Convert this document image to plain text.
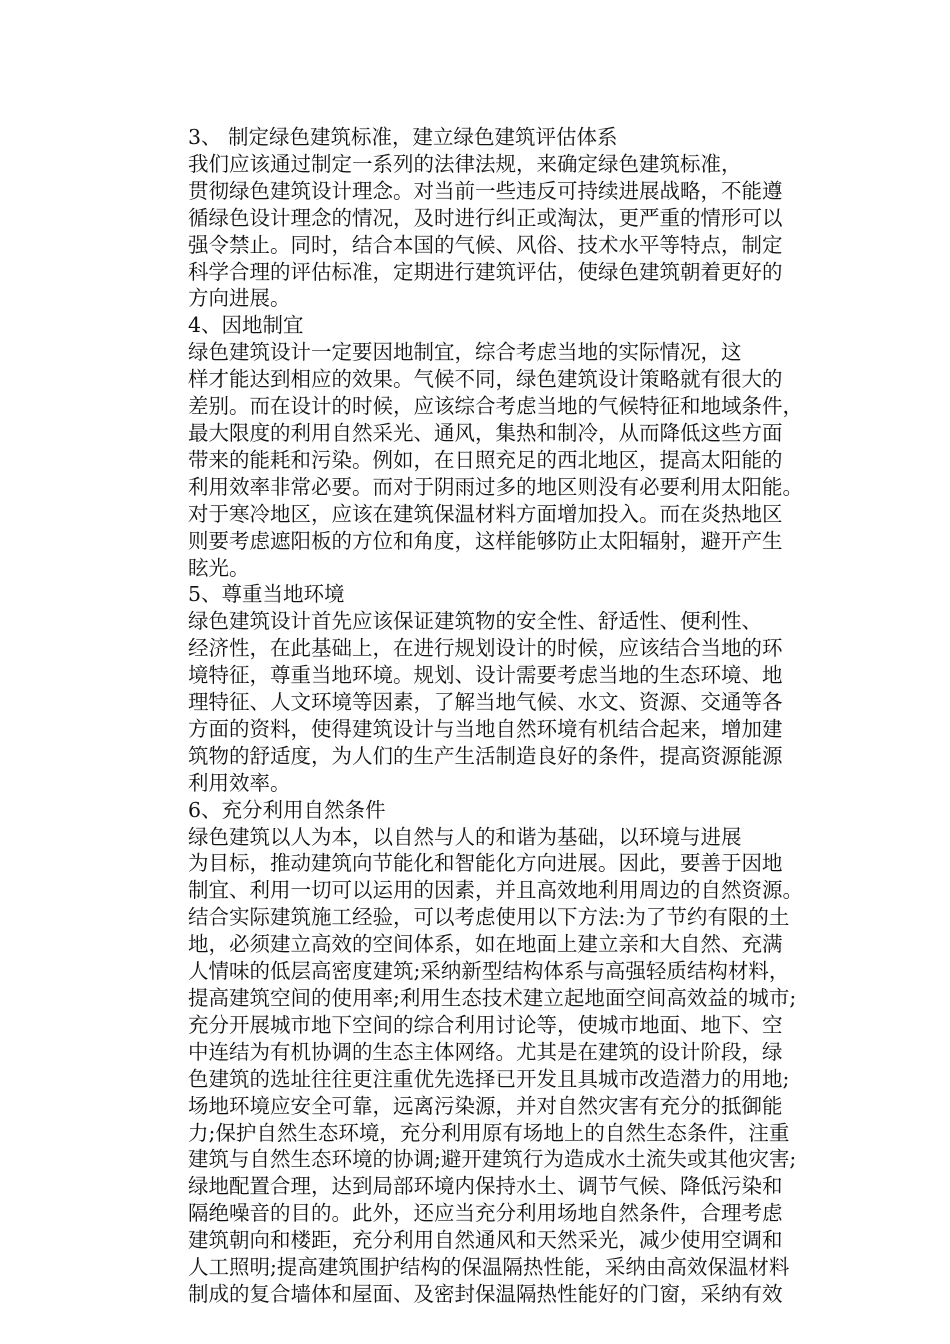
3、 制定绿色建筑标准，建立绿色建筑评估体系

我们应该通过制定一系列的法律法规，来确定绿色建筑标准，
贯彻绿色建筑设计理念。对当前一些违反可持续进展战略，不能遵
循绿色设计理念的情况，及时进行纠正或淘汰，更严重的情形可以
强令禁止。同时，结合本国的气候、风俗、技术水平等特点，制定
科学合理的评估标准，定期进行建筑评估，使绿色建筑朝着更好的
方向进展。

4、因地制宜

绿色建筑设计一定要因地制宜，综合考虑当地的实际情况，这
样才能达到相应的效果。气候不同，绿色建筑设计策略就有很大的
差别。而在设计的时候，应该综合考虑当地的气候特征和地域条件，
最大限度的利用自然采光、通风，集热和制冷，从而降低这些方面
带来的能耗和污染。例如，在日照充足的西北地区，提高太阳能的
利用效率非常必要。而对于阴雨过多的地区则没有必要利用太阳能。
对于寒冷地区，应该在建筑保温材料方面增加投入。而在炎热地区
则要考虑遮阳板的方位和角度，这样能够防止太阳辐射，避开产生
眩光。

5、尊重当地环境

绿色建筑设计首先应该保证建筑物的安全性、舒适性、便利性、
经济性，在此基础上，在进行规划设计的时候，应该结合当地的环
境特征，尊重当地环境。规划、设计需要考虑当地的生态环境、地
理特征、人文环境等因素，了解当地气候、水文、资源、交通等各
方面的资料，使得建筑设计与当地自然环境有机结合起来，增加建
筑物的舒适度，为人们的生产生活制造良好的条件，提高资源能源
利用效率。

6、充分利用自然条件

绿色建筑以人为本，以自然与人的和谐为基础，以环境与进展
为目标，推动建筑向节能化和智能化方向进展。因此，要善于因地
制宜、利用一切可以运用的因素，并且高效地利用周边的自然资源。
结合实际建筑施工经验，可以考虑使用以下方法:为了节约有限的土
地，必须建立高效的空间体系，如在地面上建立亲和大自然、充满
人情味的低层高密度建筑;采纳新型结构体系与高强轻质结构材料，
提高建筑空间的使用率;利用生态技术建立起地面空间高效益的城市;
充分开展城市地下空间的综合利用讨论等，使城市地面、地下、空
中连结为有机协调的生态主体网络。尤其是在建筑的设计阶段，绿
色建筑的选址往往更注重优先选择已开发且具城市改造潜力的用地;
场地环境应安全可靠，远离污染源，并对自然灾害有充分的抵御能
力;保护自然生态环境，充分利用原有场地上的自然生态条件，注重
建筑与自然生态环境的协调;避开建筑行为造成水土流失或其他灾害;
绿地配置合理，达到局部环境内保持水土、调节气候、降低污染和
隔绝噪音的目的。此外，还应当充分利用场地自然条件，合理考虑
建筑朝向和楼距，充分利用自然通风和天然采光，减少使用空调和
人工照明;提高建筑围护结构的保温隔热性能，采纳由高效保温材料
制成的复合墙体和屋面、及密封保温隔热性能好的门窗，采纳有效
